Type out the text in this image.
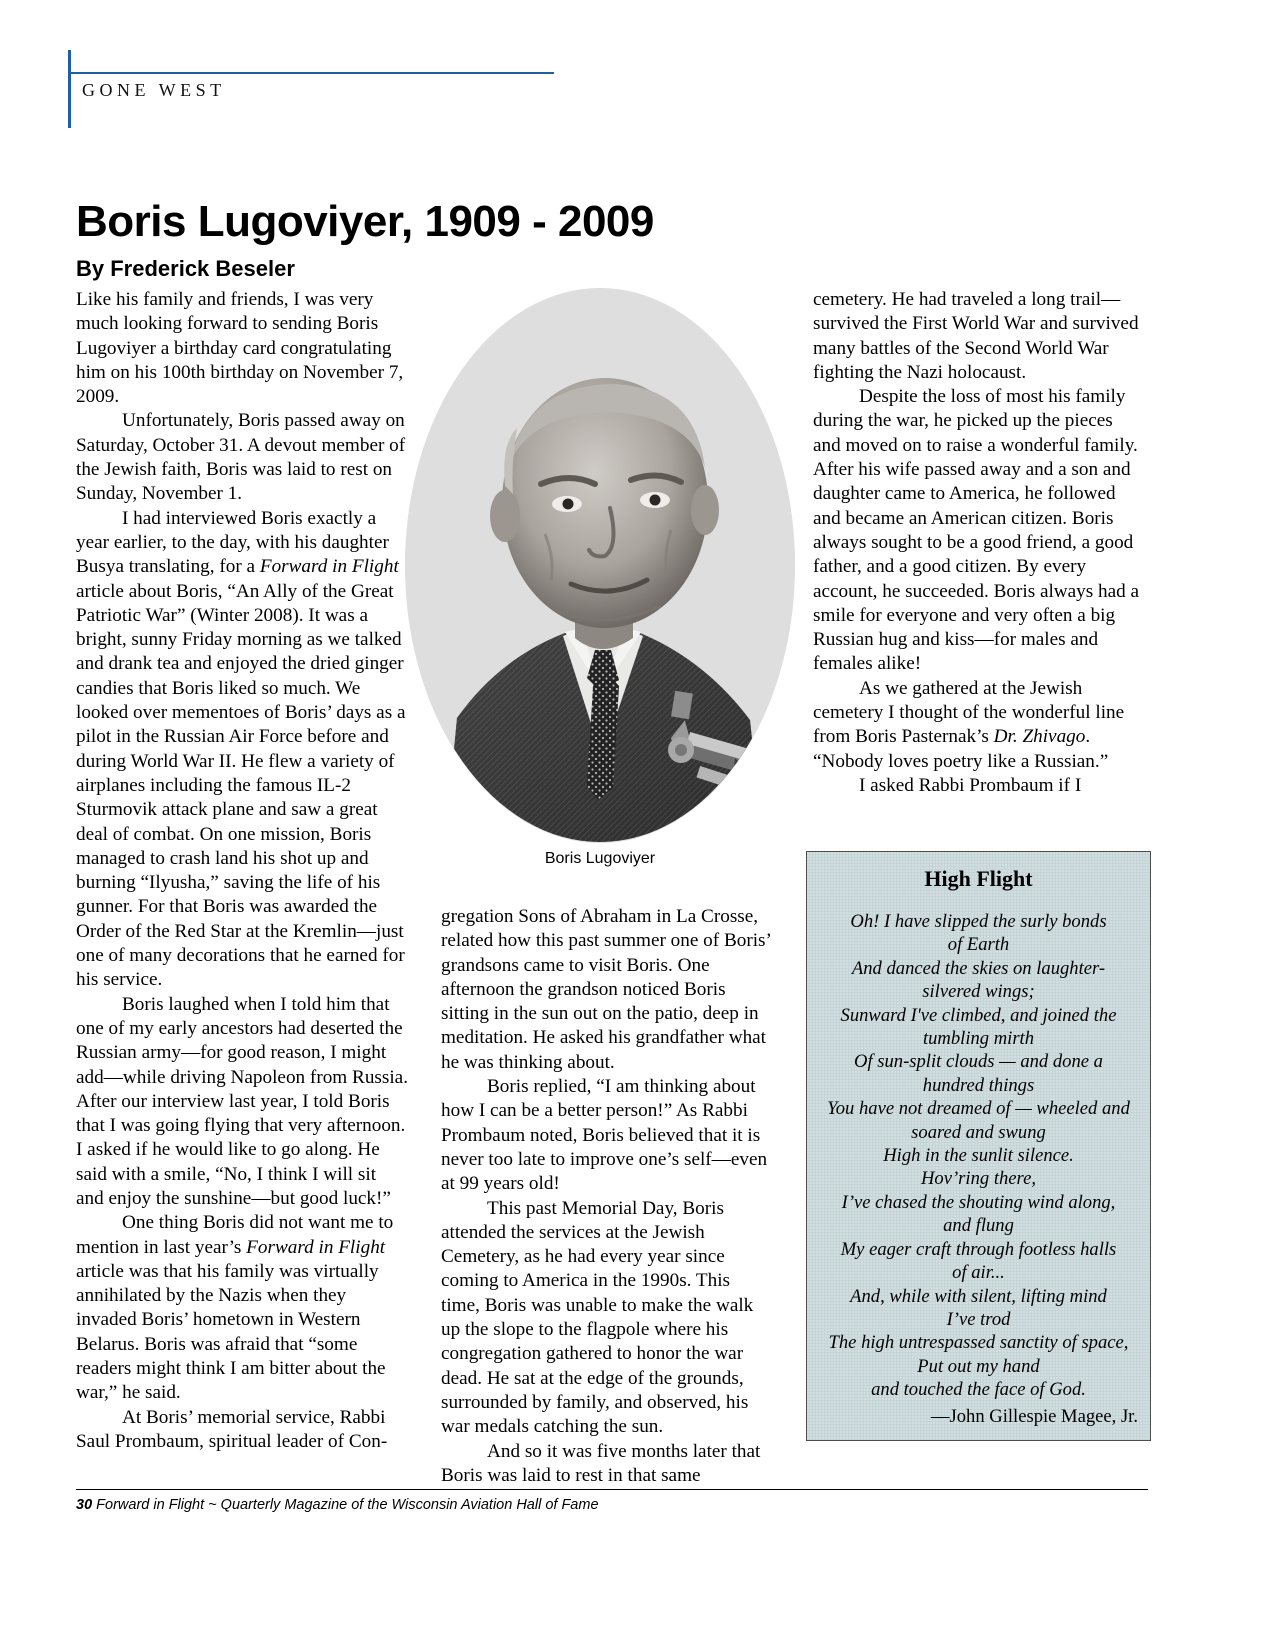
GONE WEST
Boris Lugoviyer, 1909 - 2009
By Frederick Beseler
Boris Lugoviyer

Like his family and friends, I was very much looking forward to sending Boris Lugoviyer a birthday card congratulating him on his 100th birthday on November 7, 2009.

Unfortunately, Boris passed away on Saturday, October 31. A devout member of the Jewish faith, Boris was laid to rest on Sunday, November 1.

I had interviewed Boris exactly a year earlier, to the day, with his daughter Busya translating, for a Forward in Flight article about Boris, “An Ally of the Great Patriotic War” (Winter 2008). It was a bright, sunny Friday morning as we talked and drank tea and enjoyed the dried ginger candies that Boris liked so much. We looked over mementoes of Boris’ days as a pilot in the Russian Air Force before and during World War II. He flew a variety of airplanes including the famous IL-2 Sturmovik attack plane and saw a great deal of combat. On one mission, Boris managed to crash land his shot up and burning “Ilyusha,” saving the life of his gunner. For that Boris was awarded the Order of the Red Star at the Kremlin—just one of many decorations that he earned for his service.

Boris laughed when I told him that one of my early ancestors had deserted the Russian army—for good reason, I might add—while driving Napoleon from Russia. After our interview last year, I told Boris that I was going flying that very afternoon. I asked if he would like to go along. He said with a smile, “No, I think I will sit and enjoy the sunshine—but good luck!”

One thing Boris did not want me to mention in last year’s Forward in Flight article was that his family was virtually annihilated by the Nazis when they invaded Boris’ hometown in Western Belarus. Boris was afraid that “some readers might think I am bitter about the war,” he said.

At Boris’ memorial service, Rabbi Saul Prombaum, spiritual leader of Con-

gregation Sons of Abraham in La Crosse, related how this past summer one of Boris’ grandsons came to visit Boris. One afternoon the grandson noticed Boris sitting in the sun out on the patio, deep in meditation. He asked his grandfather what he was thinking about.

Boris replied, “I am thinking about how I can be a better person!” As Rabbi Prombaum noted, Boris believed that it is never too late to improve one’s self—even at 99 years old!

This past Memorial Day, Boris attended the services at the Jewish Cemetery, as he had every year since coming to America in the 1990s. This time, Boris was unable to make the walk up the slope to the flagpole where his congregation gathered to honor the war dead. He sat at the edge of the grounds, surrounded by family, and observed, his war medals catching the sun.

And so it was five months later that Boris was laid to rest in that same

cemetery. He had traveled a long trail—survived the First World War and survived many battles of the Second World War fighting the Nazi holocaust.

Despite the loss of most his family during the war, he picked up the pieces and moved on to raise a wonderful family. After his wife passed away and a son and daughter came to America, he followed and became an American citizen. Boris always sought to be a good friend, a good father, and a good citizen. By every account, he succeeded. Boris always had a smile for everyone and very often a big Russian hug and kiss—for males and females alike!

As we gathered at the Jewish cemetery I thought of the wonderful line from Boris Pasternak’s Dr. Zhivago. “Nobody loves poetry like a Russian.”

I asked Rabbi Prombaum if I

High Flight
Oh! I have slipped the surly bonds
of Earth
And danced the skies on laughter-
silvered wings;
Sunward I've climbed, and joined the
tumbling mirth
Of sun-split clouds — and done a
hundred things
You have not dreamed of — wheeled and
soared and swung
High in the sunlit silence.
Hov’ring there,
I’ve chased the shouting wind along,
and flung
My eager craft through footless halls
of air...
And, while with silent, lifting mind
I’ve trod
The high untrespassed sanctity of space,
Put out my hand
and touched the face of God.
—John Gillespie Magee, Jr.
30 Forward in Flight ~ Quarterly Magazine of the Wisconsin Aviation Hall of Fame
